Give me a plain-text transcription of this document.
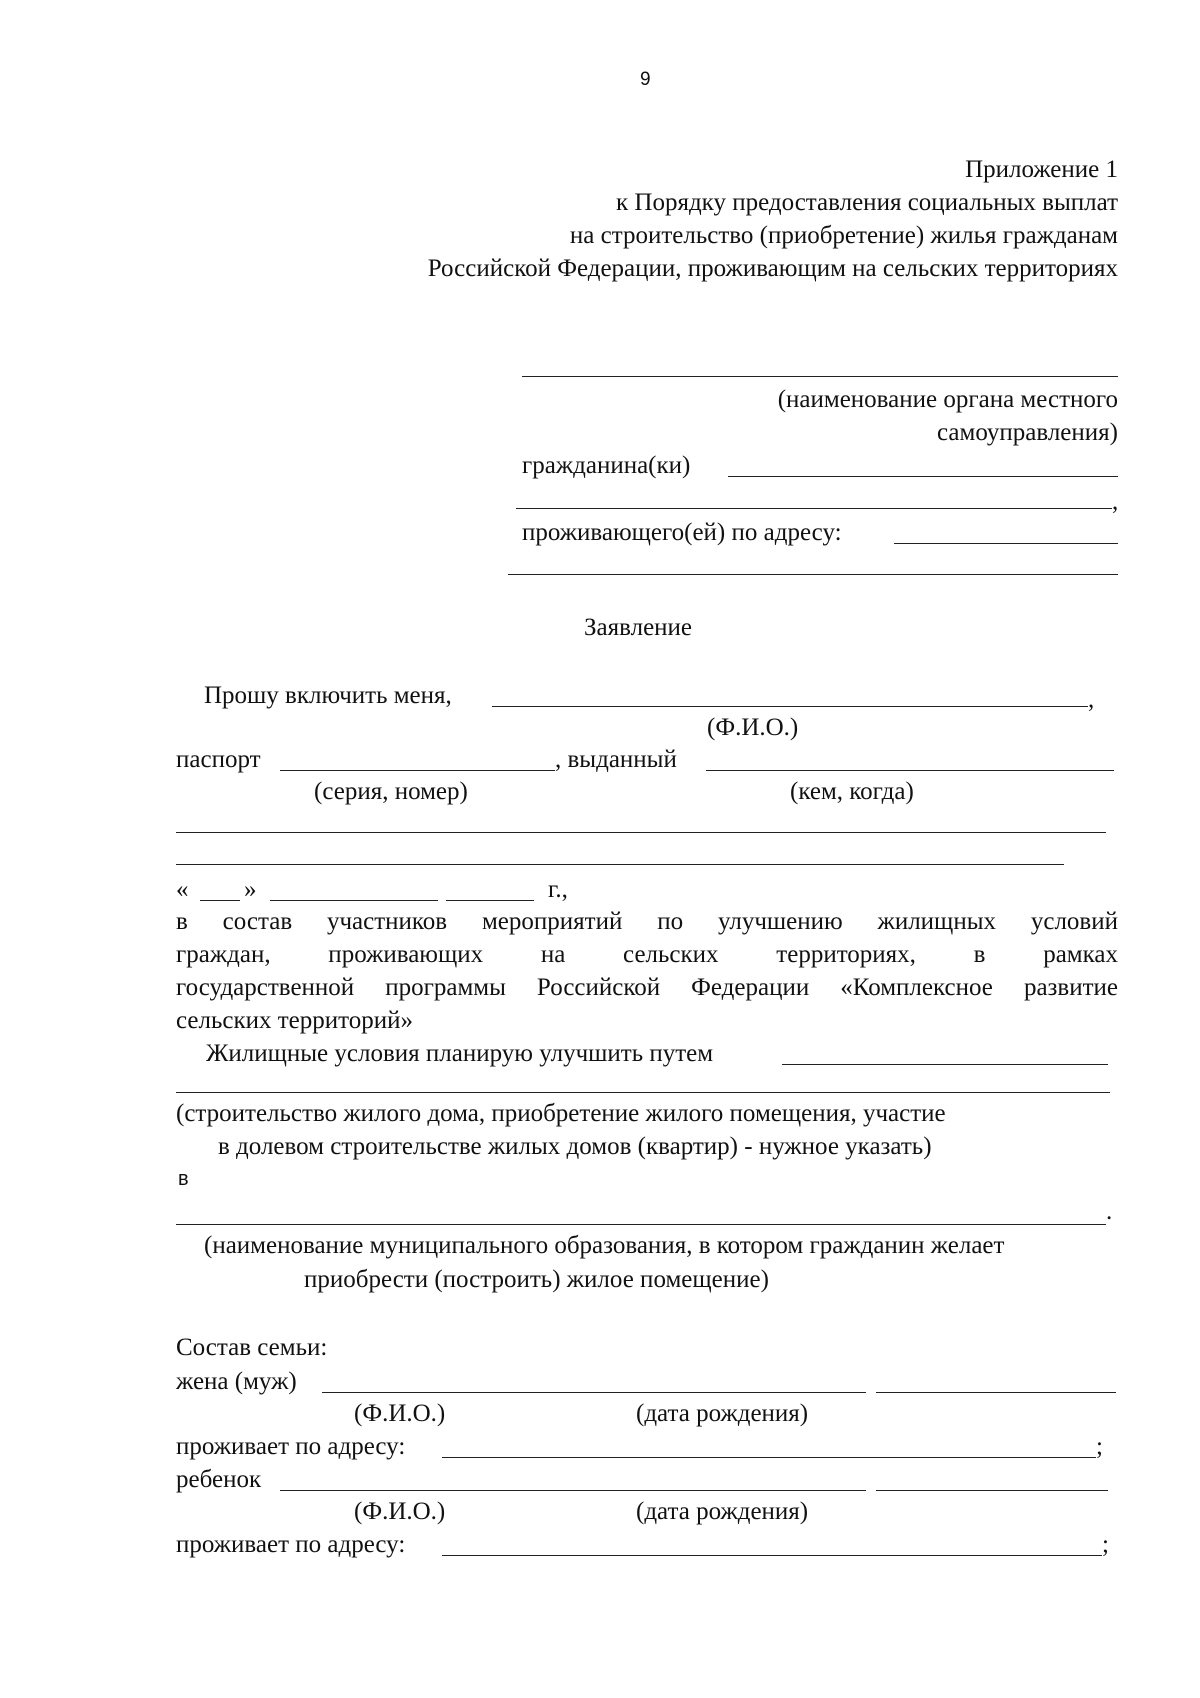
9
Приложение 1
к Порядку предоставления социальных выплат
на строительство (приобретение) жилья гражданам
Российской Федерации, проживающим на сельских территориях
(наименование органа местного
самоуправления)
гражданина(ки)
,
проживающего(ей) по адресу:
Заявление
Прошу включить меня,	,
(Ф.И.О.)
паспорт	, выданный
(серия, номер)	(кем, когда)
« »	г.,
в состав участников мероприятий по улучшению жилищных условий
граждан, проживающих на сельских территориях, в рамках
государственной программы Российской Федерации «Комплексное развитие
сельских территорий»
Жилищные условия планирую улучшить путем
(строительство жилого дома, приобретение жилого помещения, участие
в долевом строительстве жилых домов (квартир) - нужное указать)
в
.
(наименование муниципального образования, в котором гражданин желает
приобрести (построить) жилое помещение)
Состав семьи:
жена (муж)
(Ф.И.О.)	(дата рождения)
проживает по адресу:	;
ребенок
(Ф.И.О.)	(дата рождения)
проживает по адресу:	;
